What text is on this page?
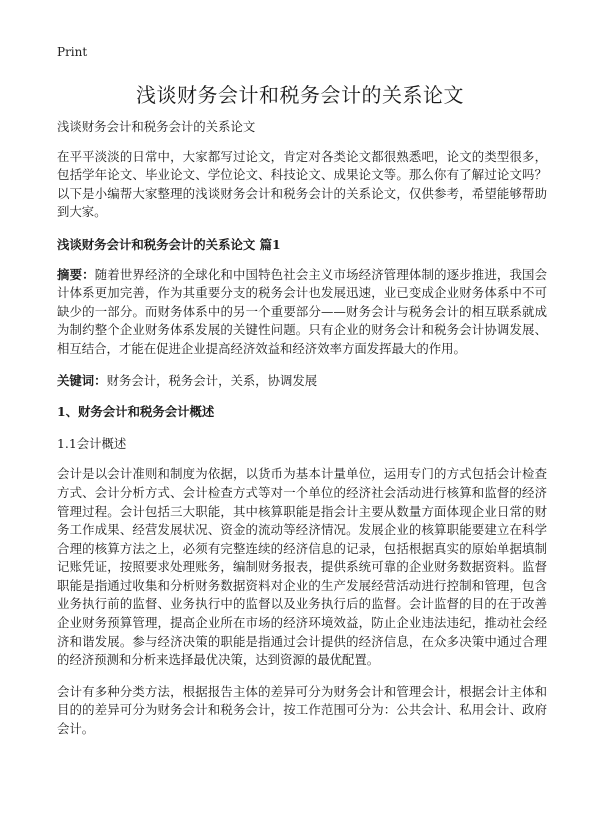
Print
浅谈财务会计和税务会计的关系论文

浅谈财务会计和税务会计的关系论文

在平平淡淡的日常中，大家都写过论文，肯定对各类论文都很熟悉吧，论文的类型很多，包括学年论文、毕业论文、学位论文、科技论文、成果论文等。那么你有了解过论文吗？以下是小编帮大家整理的浅谈财务会计和税务会计的关系论文，仅供参考，希望能够帮助到大家。

浅谈财务会计和税务会计的关系论文 篇1

摘要：随着世界经济的全球化和中国特色社会主义市场经济管理体制的逐步推进，我国会计体系更加完善，作为其重要分支的税务会计也发展迅速，业已变成企业财务体系中不可缺少的一部分。而财务体系中的另一个重要部分——财务会计与税务会计的相互联系就成为制约整个企业财务体系发展的关键性问题。只有企业的财务会计和税务会计协调发展、相互结合，才能在促进企业提高经济效益和经济效率方面发挥最大的作用。

关键词：财务会计，税务会计，关系，协调发展

1、财务会计和税务会计概述

1.1会计概述

会计是以会计准则和制度为依据，以货币为基本计量单位，运用专门的方式包括会计检查方式、会计分析方式、会计检查方式等对一个单位的经济社会活动进行核算和监督的经济管理过程。会计包括三大职能，其中核算职能是指会计主要从数量方面体现企业日常的财务工作成果、经营发展状况、资金的流动等经济情况。发展企业的核算职能要建立在科学合理的核算方法之上，必须有完整连续的经济信息的记录，包括根据真实的原始单据填制记账凭证，按照要求处理账务，编制财务报表，提供系统可靠的企业财务数据资料。监督职能是指通过收集和分析财务数据资料对企业的生产发展经营活动进行控制和管理，包含业务执行前的监督、业务执行中的监督以及业务执行后的监督。会计监督的目的在于改善企业财务预算管理，提高企业所在市场的经济环境效益，防止企业违法违纪，推动社会经济和谐发展。参与经济决策的职能是指通过会计提供的经济信息，在众多决策中通过合理的经济预测和分析来选择最优决策，达到资源的最优配置。

会计有多种分类方法，根据报告主体的差异可分为财务会计和管理会计，根据会计主体和目的的差异可分为财务会计和税务会计，按工作范围可分为：公共会计、私用会计、政府会计。
